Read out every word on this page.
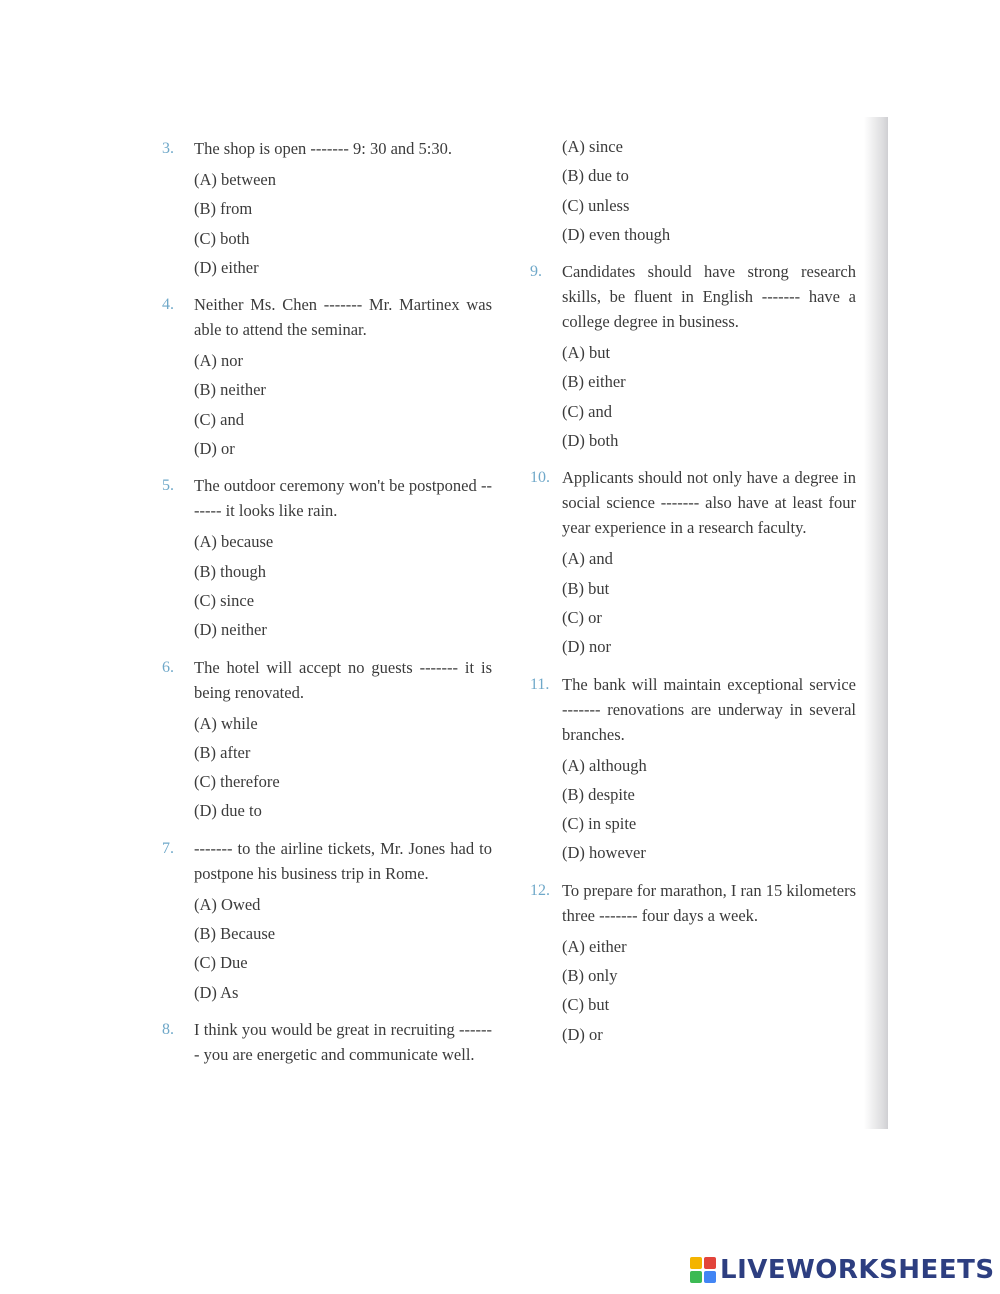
3. The shop is open ------- 9: 30 and 5:30.

(A) between
(B) from
(C) both
(D) either
4. Neither Ms. Chen ------- Mr. Martinex was able to attend the seminar.

(A) nor
(B) neither
(C) and
(D) or
5. The outdoor ceremony won't be postponed ------- it looks like rain.

(A) because
(B) though
(C) since
(D) neither
6. The hotel will accept no guests ------- it is being renovated.

(A) while
(B) after
(C) therefore
(D) due to
7. ------- to the airline tickets, Mr. Jones had to postpone his business trip in Rome.

(A) Owed
(B) Because
(C) Due
(D) As
8. I think you would be great in recruiting ------- you are energetic and communicate well.

(A) since
(B) due to
(C) unless
(D) even though
9. Candidates should have strong research skills, be fluent in English ------- have a college degree in business.

(A) but
(B) either
(C) and
(D) both
10. Applicants should not only have a degree in social science ------- also have at least four year experience in a research faculty.

(A) and
(B) but
(C) or
(D) nor
11. The bank will maintain exceptional service ------- renovations are underway in several branches.

(A) although
(B) despite
(C) in spite
(D) however
12. To prepare for marathon, I ran 15 kilometers three ------- four days a week.

(A) either
(B) only
(C) but
(D) or
LIVEWORKSHEETS
